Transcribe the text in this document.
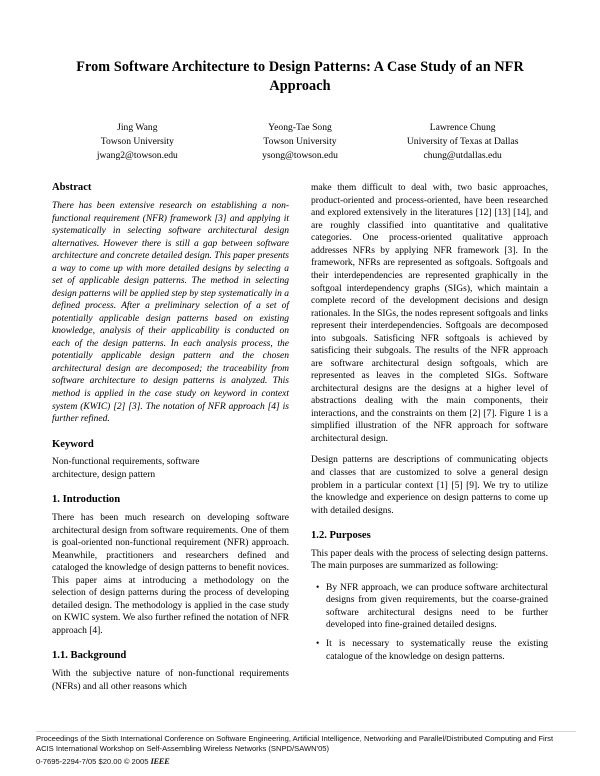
From Software Architecture to Design Patterns: A Case Study of an NFR Approach
Jing Wang
Towson University
jwang2@towson.edu
Yeong-Tae Song
Towson University
ysong@towson.edu
Lawrence Chung
University of Texas at Dallas
chung@utdallas.edu
Abstract

There has been extensive research on establishing a non-functional requirement (NFR) framework [3] and applying it systematically in selecting software architectural design alternatives. However there is still a gap between software architecture and concrete detailed design. This paper presents a way to come up with more detailed designs by selecting a set of applicable design patterns. The method in selecting design patterns will be applied step by step systematically in a defined process. After a preliminary selection of a set of potentially applicable design patterns based on existing knowledge, analysis of their applicability is conducted on each of the design patterns. In each analysis process, the potentially applicable design pattern and the chosen architectural design are decomposed; the traceability from software architecture to design patterns is analyzed. This method is applied in the case study on keyword in context system (KWIC) [2] [3]. The notation of NFR approach [4] is further refined.

Keyword

Non-functional requirements, software
architecture, design pattern

1. Introduction

There has been much research on developing software architectural design from software requirements. One of them is goal-oriented non-functional requirement (NFR) approach. Meanwhile, practitioners and researchers defined and cataloged the knowledge of design patterns to benefit novices. This paper aims at introducing a methodology on the selection of design patterns during the process of developing detailed design. The methodology is applied in the case study on KWIC system. We also further refined the notation of NFR approach [4].

1.1. Background

With the subjective nature of non-functional requirements (NFRs) and all other reasons which

make them difficult to deal with, two basic approaches, product-oriented and process-oriented, have been researched and explored extensively in the literatures [12] [13] [14], and are roughly classified into quantitative and qualitative categories. One process-oriented qualitative approach addresses NFRs by applying NFR framework [3]. In the framework, NFRs are represented as softgoals. Softgoals and their interdependencies are represented graphically in the softgoal interdependency graphs (SIGs), which maintain a complete record of the development decisions and design rationales. In the SIGs, the nodes represent softgoals and links represent their interdependencies. Softgoals are decomposed into subgoals. Satisficing NFR softgoals is achieved by satisficing their subgoals. The results of the NFR approach are software architectural design softgoals, which are represented as leaves in the completed SIGs. Software architectural designs are the designs at a higher level of abstractions dealing with the main components, their interactions, and the constraints on them [2] [7]. Figure 1 is a simplified illustration of the NFR approach for software architectural design.

Design patterns are descriptions of communicating objects and classes that are customized to solve a general design problem in a particular context [1] [5] [9]. We try to utilize the knowledge and experience on design patterns to come up with detailed designs.

1.2. Purposes

This paper deals with the process of selecting design patterns. The main purposes are summarized as following:

• By NFR approach, we can produce software architectural designs from given requirements, but the coarse-grained software architectural designs need to be further developed into fine-grained detailed designs.
• It is necessary to systematically reuse the existing catalogue of the knowledge on design patterns.
Proceedings of the Sixth International Conference on Software Engineering, Artificial Intelligence, Networking and Parallel/Distributed Computing and First
ACIS International Workshop on Self-Assembling Wireless Networks (SNPD/SAWN'05)
0-7695-2294-7/05 $20.00 © 2005 IEEE
